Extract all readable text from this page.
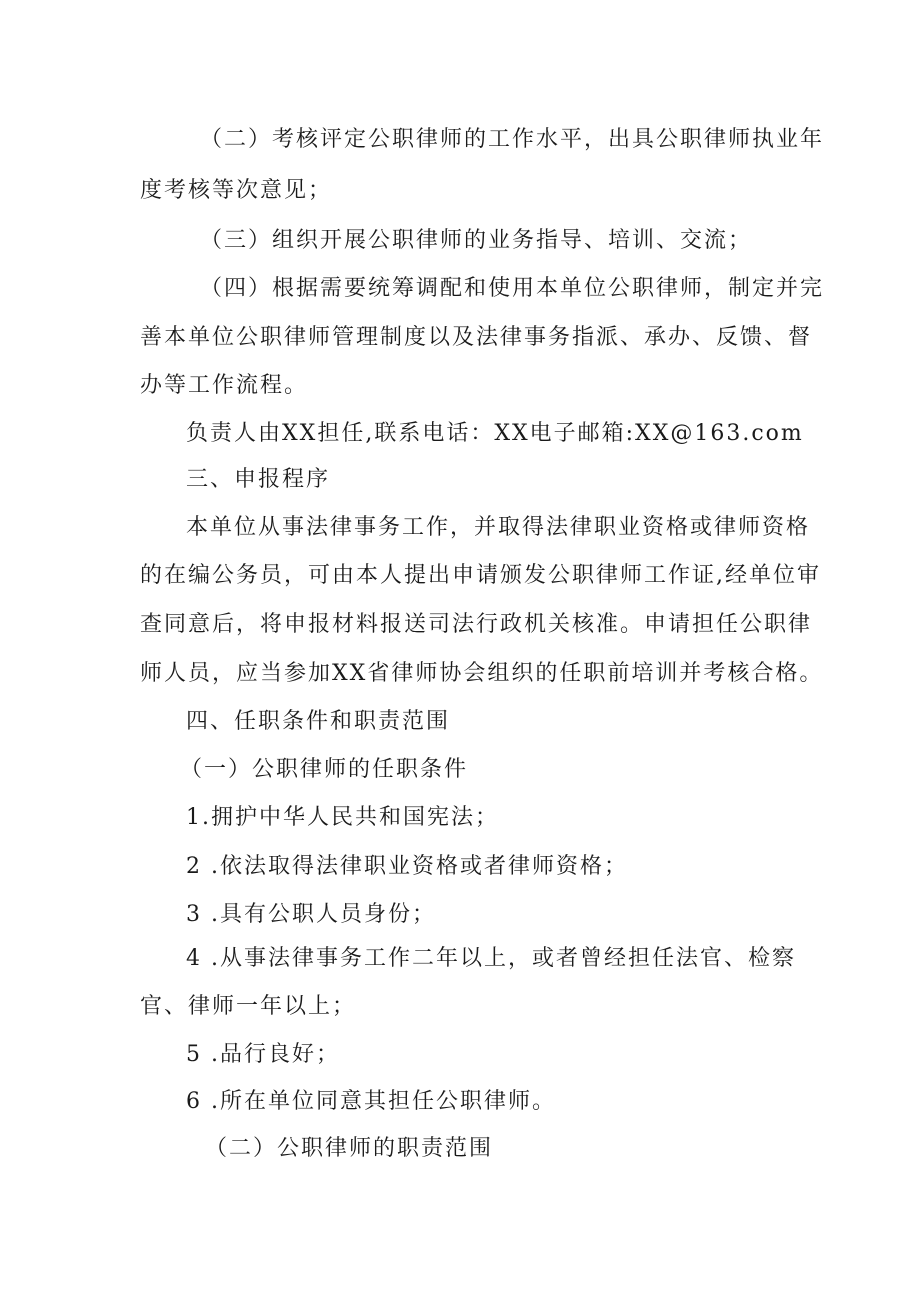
（二）考核评定公职律师的工作水平，出具公职律师执业年
度考核等次意见；
（三）组织开展公职律师的业务指导、培训、交流；
（四）根据需要统筹调配和使用本单位公职律师，制定并完
善本单位公职律师管理制度以及法律事务指派、承办、反馈、督
办等工作流程。
负责人由XX担任,联系电话：XX电子邮箱:XX@163.com
三、申报程序
本单位从事法律事务工作，并取得法律职业资格或律师资格
的在编公务员，可由本人提出申请颁发公职律师工作证,经单位审
查同意后，将申报材料报送司法行政机关核准。申请担任公职律
师人员，应当参加XX省律师协会组织的任职前培训并考核合格。
四、任职条件和职责范围
（一）公职律师的任职条件
1.拥护中华人民共和国宪法；
2 .依法取得法律职业资格或者律师资格；
3 .具有公职人员身份；
4 .从事法律事务工作二年以上，或者曾经担任法官、检察
官、律师一年以上；
5 .品行良好；
6 .所在单位同意其担任公职律师。
（二）公职律师的职责范围
